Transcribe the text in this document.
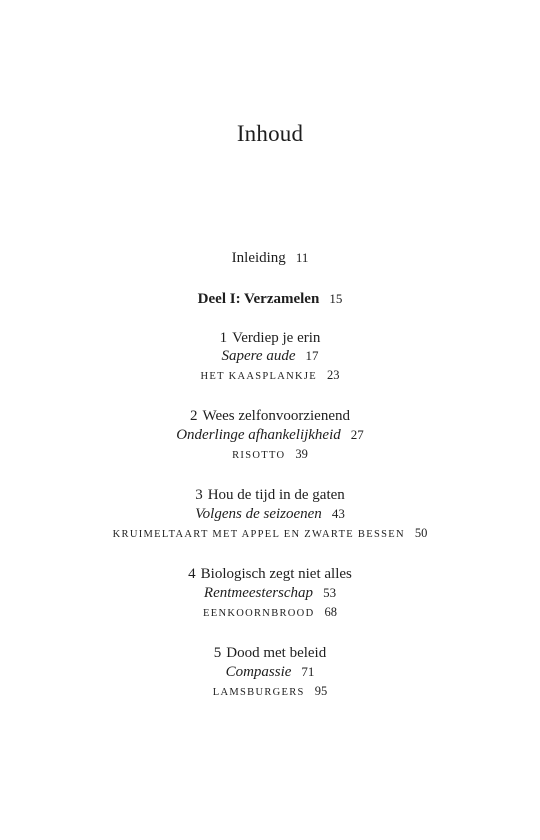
Inhoud
Inleiding 11
Deel I: Verzamelen 15
1 Verdiep je erin
Sapere aude 17
HET KAASPLANKJE 23
2 Wees zelfonvoorzienend
Onderlinge afhankelijkheid 27
RISOTTO 39
3 Hou de tijd in de gaten
Volgens de seizoenen 43
KRUIMELTAART MET APPEL EN ZWARTE BESSEN 50
4 Biologisch zegt niet alles
Rentmeesterschap 53
EENKOORNBROOD 68
5 Dood met beleid
Compassie 71
LAMSBURGERS 95
